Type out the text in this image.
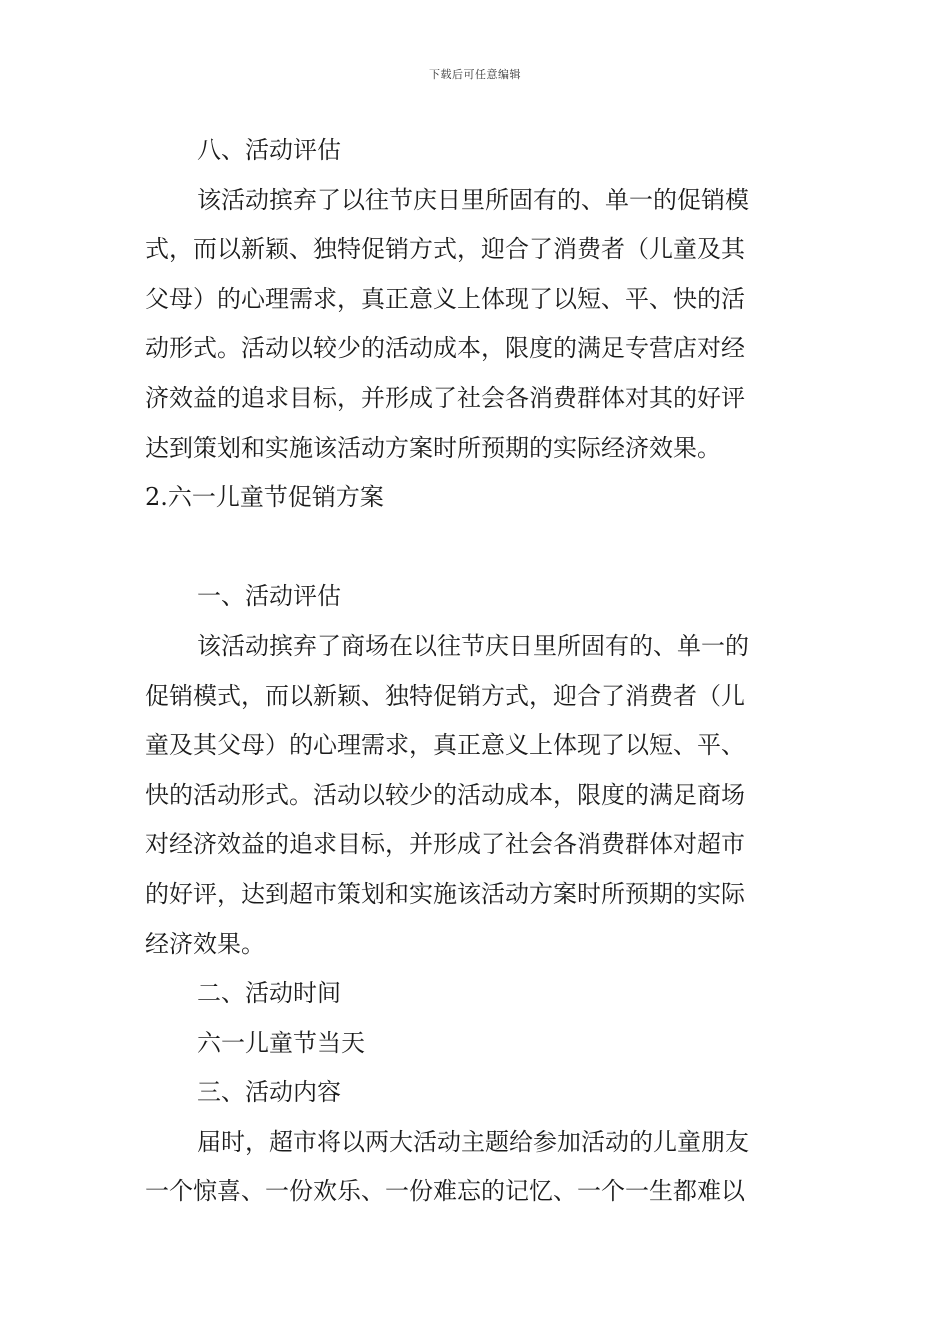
下载后可任意编辑
八、活动评估
该活动摈弃了以往节庆日里所固有的、单一的促销模
式，而以新颖、独特促销方式，迎合了消费者（儿童及其
父母）的心理需求，真正意义上体现了以短、平、快的活
动形式。活动以较少的活动成本，限度的满足专营店对经
济效益的追求目标，并形成了社会各消费群体对其的好评
达到策划和实施该活动方案时所预期的实际经济效果。
2.六一儿童节促销方案
一、活动评估
该活动摈弃了商场在以往节庆日里所固有的、单一的
促销模式，而以新颖、独特促销方式，迎合了消费者（儿
童及其父母）的心理需求，真正意义上体现了以短、平、
快的活动形式。活动以较少的活动成本，限度的满足商场
对经济效益的追求目标，并形成了社会各消费群体对超市
的好评，达到超市策划和实施该活动方案时所预期的实际
经济效果。
二、活动时间
六一儿童节当天
三、活动内容
届时，超市将以两大活动主题给参加活动的儿童朋友
一个惊喜、一份欢乐、一份难忘的记忆、一个一生都难以
